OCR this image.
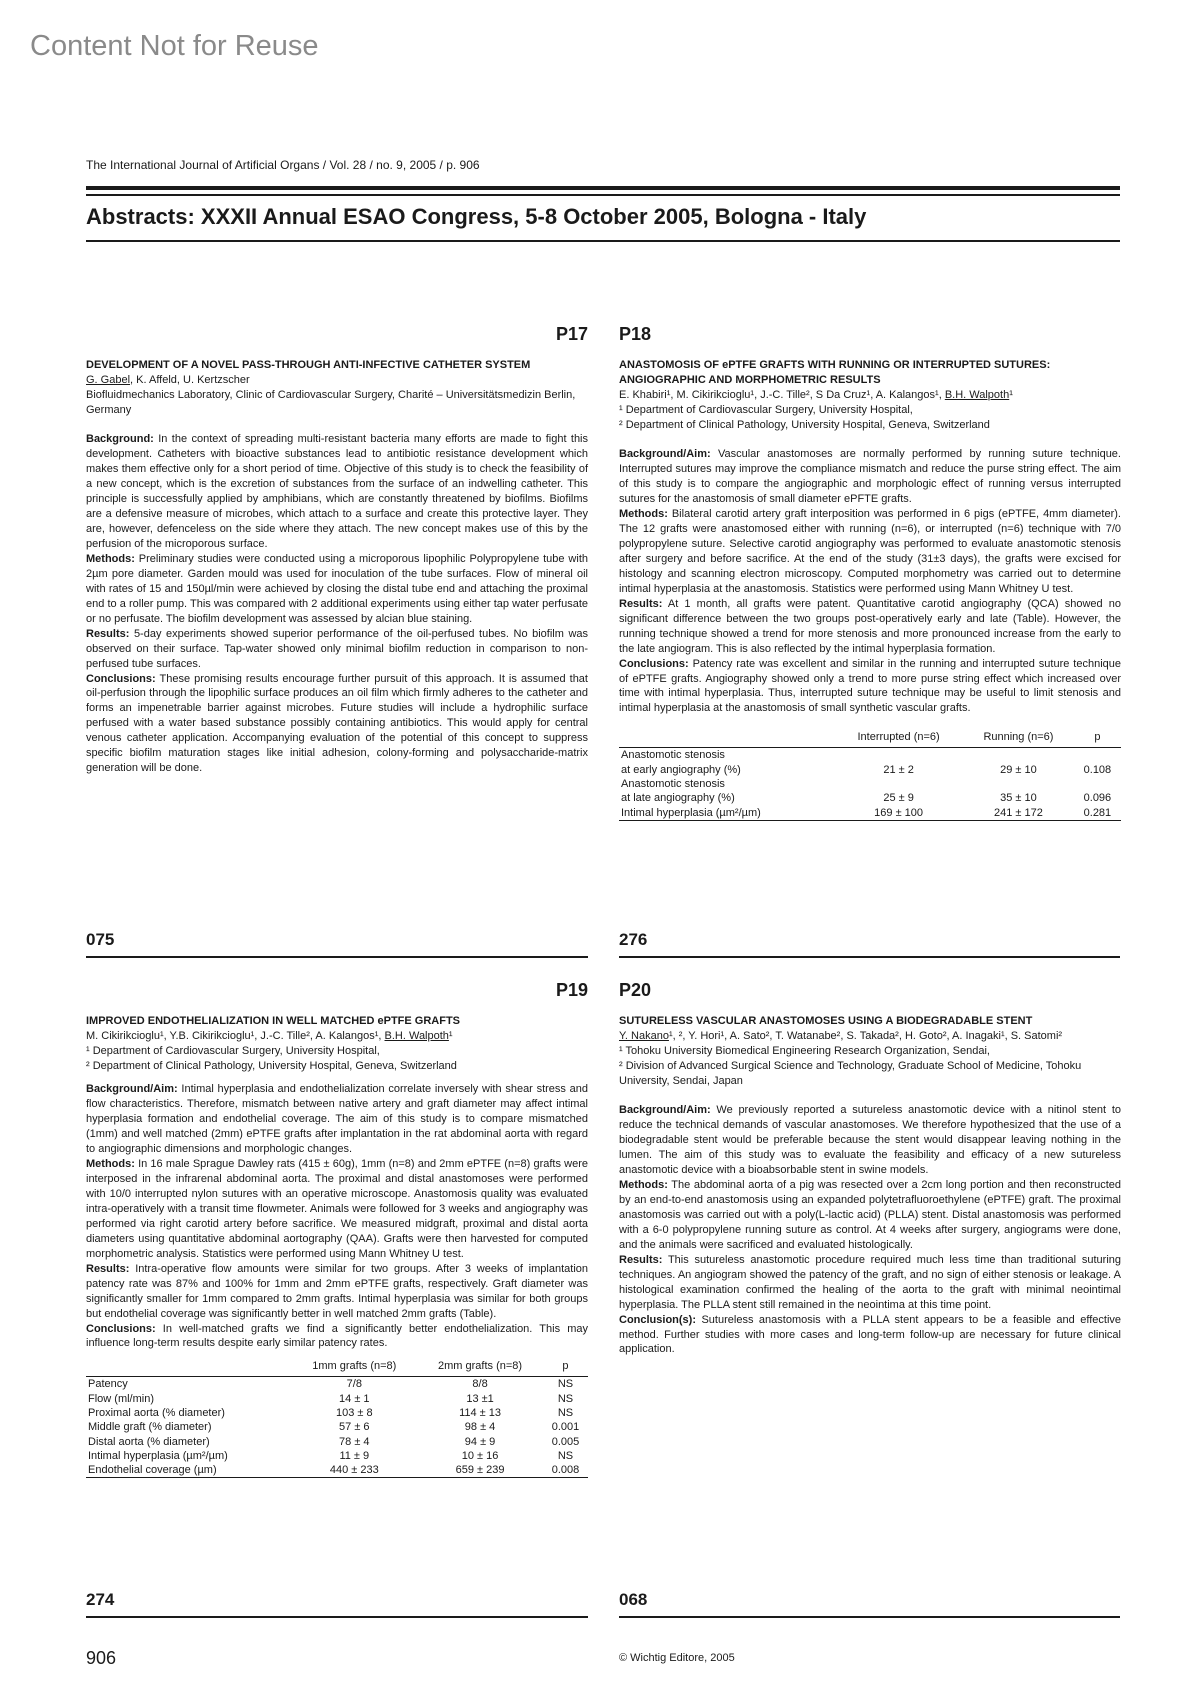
Content Not for Reuse
The International Journal of Artificial Organs / Vol. 28 / no. 9, 2005 / p. 906
Abstracts: XXXII Annual ESAO Congress, 5-8 October 2005, Bologna - Italy
P17

DEVELOPMENT OF A NOVEL PASS-THROUGH ANTI-INFECTIVE CATHETER SYSTEM

G. Gabel, K. Affeld, U. Kertzscher

Biofluidmechanics Laboratory, Clinic of Cardiovascular Surgery, Charité – Universitätsmedizin Berlin, Germany

Background: In the context of spreading multi-resistant bacteria many efforts are made to fight this development. Catheters with bioactive substances lead to antibiotic resistance development which makes them effective only for a short period of time. Objective of this study is to check the feasibility of a new concept, which is the excretion of substances from the surface of an indwelling catheter. This principle is successfully applied by amphibians, which are constantly threatened by biofilms. Biofilms are a defensive measure of microbes, which attach to a surface and create this protective layer. They are, however, defenceless on the side where they attach. The new concept makes use of this by the perfusion of the microporous surface.

Methods: Preliminary studies were conducted using a microporous lipophilic Polypropylene tube with 2µm pore diameter. Garden mould was used for inoculation of the tube surfaces. Flow of mineral oil with rates of 15 and 150µl/min were achieved by closing the distal tube end and attaching the proximal end to a roller pump. This was compared with 2 additional experiments using either tap water perfusate or no perfusate. The biofilm development was assessed by alcian blue staining.

Results: 5-day experiments showed superior performance of the oil-perfused tubes. No biofilm was observed on their surface. Tap-water showed only minimal biofilm reduction in comparison to non-perfused tube surfaces.

Conclusions: These promising results encourage further pursuit of this approach. It is assumed that oil-perfusion through the lipophilic surface produces an oil film which firmly adheres to the catheter and forms an impenetrable barrier against microbes. Future studies will include a hydrophilic surface perfused with a water based substance possibly containing antibiotics. This would apply for central venous catheter application. Accompanying evaluation of the potential of this concept to suppress specific biofilm maturation stages like initial adhesion, colony-forming and polysaccharide-matrix generation will be done.

075
P18

ANASTOMOSIS OF ePTFE GRAFTS WITH RUNNING OR INTERRUPTED SUTURES: ANGIOGRAPHIC AND MORPHOMETRIC RESULTS

E. Khabiri¹, M. Cikirikcioglu¹, J.-C. Tille², S Da Cruz¹, A. Kalangos¹, B.H. Walpoth¹

¹ Department of Cardiovascular Surgery, University Hospital,

² Department of Clinical Pathology, University Hospital, Geneva, Switzerland

Background/Aim: Vascular anastomoses are normally performed by running suture technique. Interrupted sutures may improve the compliance mismatch and reduce the purse string effect. The aim of this study is to compare the angiographic and morphologic effect of running versus interrupted sutures for the anastomosis of small diameter ePFTE grafts.

Methods: Bilateral carotid artery graft interposition was performed in 6 pigs (ePTFE, 4mm diameter). The 12 grafts were anastomosed either with running (n=6), or interrupted (n=6) technique with 7/0 polypropylene suture. Selective carotid angiography was performed to evaluate anastomotic stenosis after surgery and before sacrifice. At the end of the study (31±3 days), the grafts were excised for histology and scanning electron microscopy. Computed morphometry was carried out to determine intimal hyperplasia at the anastomosis. Statistics were performed using Mann Whitney U test.

Results: At 1 month, all grafts were patent. Quantitative carotid angiography (QCA) showed no significant difference between the two groups post-operatively early and late (Table). However, the running technique showed a trend for more stenosis and more pronounced increase from the early to the late angiogram. This is also reflected by the intimal hyperplasia formation.

Conclusions: Patency rate was excellent and similar in the running and interrupted suture technique of ePTFE grafts. Angiography showed only a trend to more purse string effect which increased over time with intimal hyperplasia. Thus, interrupted suture technique may be useful to limit stenosis and intimal hyperplasia at the anastomosis of small synthetic vascular grafts.

	Interrupted (n=6)	Running (n=6)	p
Anastomotic stenosis			
at early angiography (%)	21 ± 2	29 ± 10	0.108
Anastomotic stenosis			
at late angiography (%)	25 ± 9	35 ± 10	0.096
Intimal hyperplasia (µm²/µm)	169 ± 100	241 ± 172	0.281
276
P19

IMPROVED ENDOTHELIALIZATION IN WELL MATCHED ePTFE GRAFTS

M. Cikirikcioglu¹, Y.B. Cikirikcioglu¹, J.-C. Tille², A. Kalangos¹, B.H. Walpoth¹

¹ Department of Cardiovascular Surgery, University Hospital,

² Department of Clinical Pathology, University Hospital, Geneva, Switzerland

Background/Aim: Intimal hyperplasia and endothelialization correlate inversely with shear stress and flow characteristics. Therefore, mismatch between native artery and graft diameter may affect intimal hyperplasia formation and endothelial coverage. The aim of this study is to compare mismatched (1mm) and well matched (2mm) ePTFE grafts after implantation in the rat abdominal aorta with regard to angiographic dimensions and morphologic changes.

Methods: In 16 male Sprague Dawley rats (415 ± 60g), 1mm (n=8) and 2mm ePTFE (n=8) grafts were interposed in the infrarenal abdominal aorta. The proximal and distal anastomoses were performed with 10/0 interrupted nylon sutures with an operative microscope. Anastomosis quality was evaluated intra-operatively with a transit time flowmeter. Animals were followed for 3 weeks and angiography was performed via right carotid artery before sacrifice. We measured midgraft, proximal and distal aorta diameters using quantitative abdominal aortography (QAA). Grafts were then harvested for computed morphometric analysis. Statistics were performed using Mann Whitney U test.

Results: Intra-operative flow amounts were similar for two groups. After 3 weeks of implantation patency rate was 87% and 100% for 1mm and 2mm ePTFE grafts, respectively. Graft diameter was significantly smaller for 1mm compared to 2mm grafts. Intimal hyperplasia was similar for both groups but endothelial coverage was significantly better in well matched 2mm grafts (Table).

Conclusions: In well-matched grafts we find a significantly better endothelialization. This may influence long-term results despite early similar patency rates.

	1mm grafts (n=8)	2mm grafts (n=8)	p
Patency	7/8	8/8	NS
Flow (ml/min)	14 ± 1	13 ±1	NS
Proximal aorta (% diameter)	103 ± 8	114 ± 13	NS
Middle graft (% diameter)	57 ± 6	98 ± 4	0.001
Distal aorta (% diameter)	78 ± 4	94 ± 9	0.005
Intimal hyperplasia (µm²/µm)	11 ± 9	10 ± 16	NS
Endothelial coverage (µm)	440 ± 233	659 ± 239	0.008
274
P20

SUTURELESS VASCULAR ANASTOMOSES USING A BIODEGRADABLE STENT

Y. Nakano¹, ², Y. Hori¹, A. Sato², T. Watanabe², S. Takada², H. Goto², A. Inagaki¹, S. Satomi²

¹ Tohoku University Biomedical Engineering Research Organization, Sendai,

² Division of Advanced Surgical Science and Technology, Graduate School of Medicine, Tohoku University, Sendai, Japan

Background/Aim: We previously reported a sutureless anastomotic device with a nitinol stent to reduce the technical demands of vascular anastomoses. We therefore hypothesized that the use of a biodegradable stent would be preferable because the stent would disappear leaving nothing in the lumen. The aim of this study was to evaluate the feasibility and efficacy of a new sutureless anastomotic device with a bioabsorbable stent in swine models.

Methods: The abdominal aorta of a pig was resected over a 2cm long portion and then reconstructed by an end-to-end anastomosis using an expanded polytetrafluoroethylene (ePTFE) graft. The proximal anastomosis was carried out with a poly(L-lactic acid) (PLLA) stent. Distal anastomosis was performed with a 6-0 polypropylene running suture as control. At 4 weeks after surgery, angiograms were done, and the animals were sacrificed and evaluated histologically.

Results: This sutureless anastomotic procedure required much less time than traditional suturing techniques. An angiogram showed the patency of the graft, and no sign of either stenosis or leakage. A histological examination confirmed the healing of the aorta to the graft with minimal neointimal hyperplasia. The PLLA stent still remained in the neointima at this time point.

Conclusion(s): Sutureless anastomosis with a PLLA stent appears to be a feasible and effective method. Further studies with more cases and long-term follow-up are necessary for future clinical application.

068
906	© Wichtig Editore, 2005
